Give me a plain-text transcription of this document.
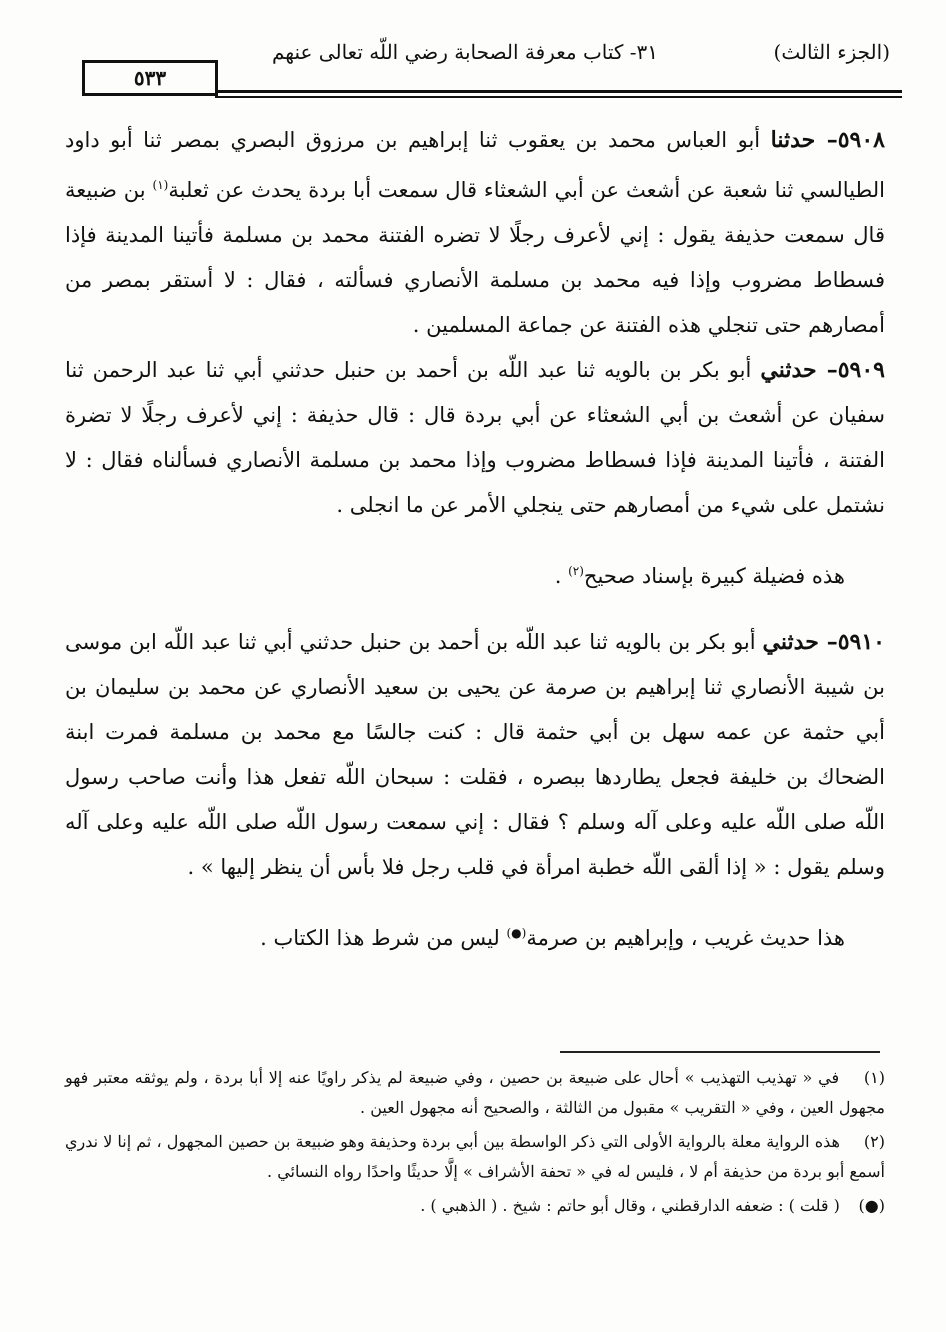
٥٣٣
٣١- كتاب معرفة الصحابة رضي اللّه تعالى عنهم	(الجزء الثالث)

٥٩٠٨– حدثنا أبو العباس محمد بن يعقوب ثنا إبراهيم بن مرزوق البصري بمصر ثنا أبو داود الطيالسي ثنا شعبة عن أشعث عن أبي الشعثاء قال سمعت أبا بردة يحدث عن ثعلبة$^{(١)}$ بن ضبيعة قال سمعت حذيفة يقول : إني لأعرف رجلًا لا تضره الفتنة محمد بن مسلمة فأتينا المدينة فإذا فسطاط مضروب وإذا فيه محمد بن مسلمة الأنصاري فسألته ، فقال : لا أستقر بمصر من أمصارهم حتى تنجلي هذه الفتنة عن جماعة المسلمين .

٥٩٠٩– حدثني أبو بكر بن بالويه ثنا عبد اللّه بن أحمد بن حنبل حدثني أبي ثنا عبد الرحمن ثنا سفيان عن أشعث بن أبي الشعثاء عن أبي بردة قال : قال حذيفة : إني لأعرف رجلًا لا تضرة الفتنة ، فأتينا المدينة فإذا فسطاط مضروب وإذا محمد بن مسلمة الأنصاري فسألناه فقال : لا نشتمل على شيء من أمصارهم حتى ينجلي الأمر عن ما انجلى .

هذه فضيلة كبيرة بإسناد صحيح$^{(٢)}$ .

٥٩١٠– حدثني أبو بكر بن بالويه ثنا عبد اللّه بن أحمد بن حنبل حدثني أبي ثنا عبد اللّه ابن موسى بن شيبة الأنصاري ثنا إبراهيم بن صرمة عن يحيى بن سعيد الأنصاري عن محمد بن سليمان بن أبي حثمة عن عمه سهل بن أبي حثمة قال : كنت جالسًا مع محمد بن مسلمة فمرت ابنة الضحاك بن خليفة فجعل يطاردها ببصره ، فقلت : سبحان اللّه تفعل هذا وأنت صاحب رسول اللّه صلى اللّه عليه وعلى آله وسلم ؟ فقال : إني سمعت رسول اللّه صلى اللّه عليه وعلى آله وسلم يقول : « إذا ألقى اللّه خطبة امرأة في قلب رجل فلا بأس أن ينظر إليها » .

هذا حديث غريب ، وإبراهيم بن صرمة(●) ليس من شرط هذا الكتاب .

(١) في « تهذيب التهذيب » أحال على ضبيعة بن حصين ، وفي ضبيعة لم يذكر راويًا عنه إلا أبا بردة ، ولم يوثقه معتبر فهو مجهول العين ، وفي « التقريب » مقبول من الثالثة ، والصحيح أنه مجهول العين .
(٢) هذه الرواية معلة بالرواية الأولى التي ذكر الواسطة بين أبي بردة وحذيفة وهو ضبيعة بن حصين المجهول ، ثم إنا لا ندري أسمع أبو بردة من حذيفة أم لا ، فليس له في « تحفة الأشراف » إلَّا حديثًا واحدًا رواه النسائي .
(●) ( قلت ) : ضعفه الدارقطني ، وقال أبو حاتم : شيخ . ( الذهبي ) .
